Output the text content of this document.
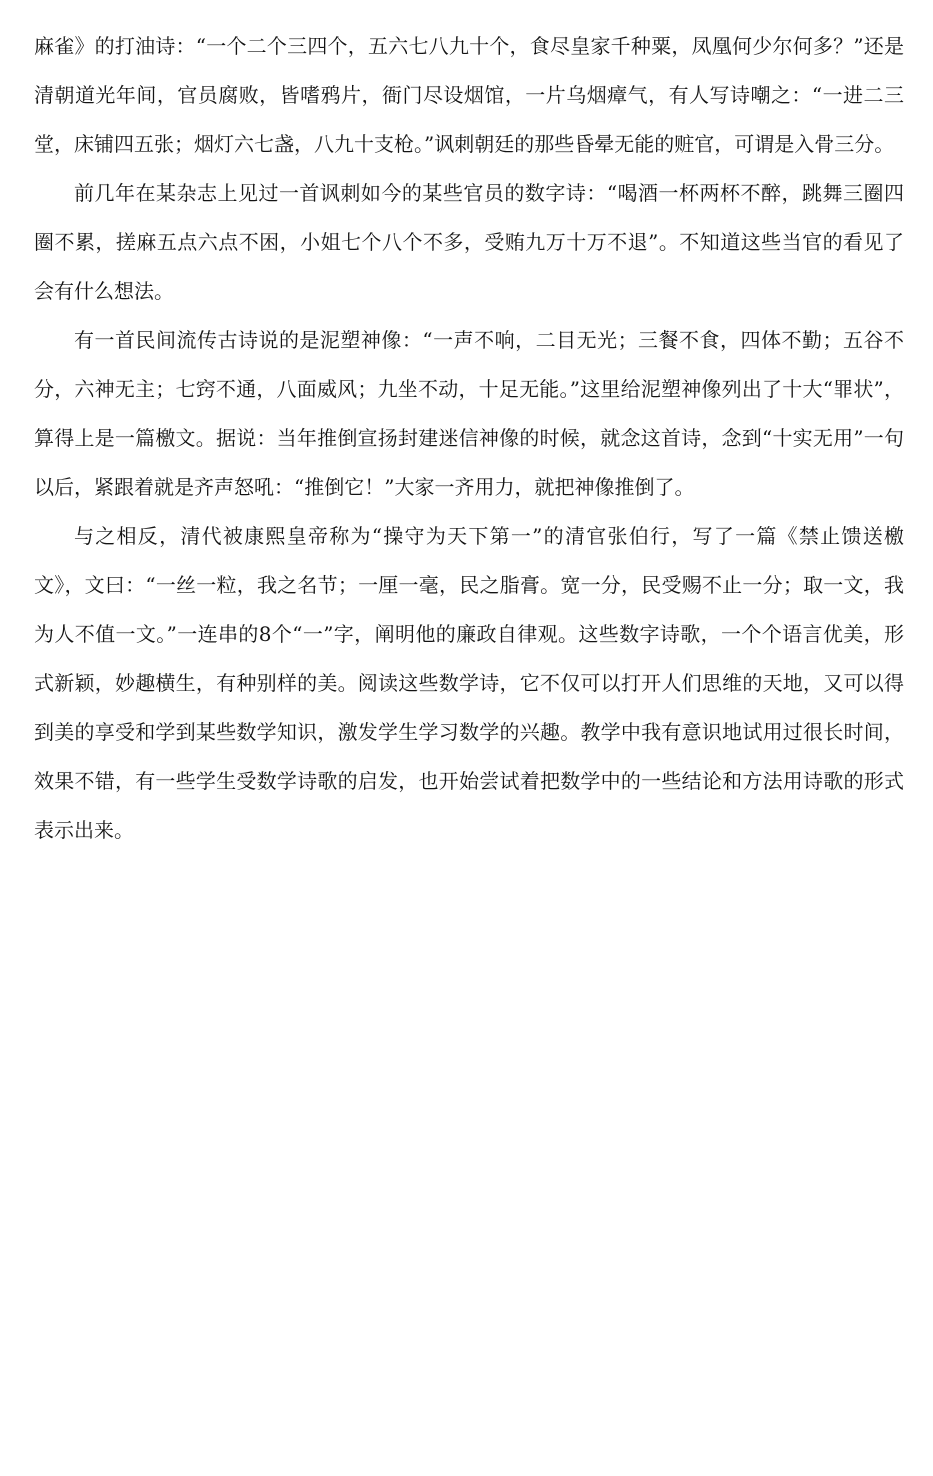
麻雀》的打油诗：“一个二个三四个，五六七八九十个，食尽皇家千种粟，凤凰何少尔何多？”还是清朝道光年间，官员腐败，皆嗜鸦片，衙门尽设烟馆，一片乌烟瘴气，有人写诗嘲之：“一进二三堂，床铺四五张；烟灯六七盏，八九十支枪。”讽刺朝廷的那些昏晕无能的赃官，可谓是入骨三分。

前几年在某杂志上见过一首讽刺如今的某些官员的数字诗：“喝酒一杯两杯不醉，跳舞三圈四圈不累，搓麻五点六点不困，小姐七个八个不多，受贿九万十万不退”。不知道这些当官的看见了会有什么想法。

有一首民间流传古诗说的是泥塑神像：“一声不响，二目无光；三餐不食，四体不勤；五谷不分，六神无主；七窍不通，八面威风；九坐不动，十足无能。”这里给泥塑神像列出了十大“罪状”，算得上是一篇檄文。据说：当年推倒宣扬封建迷信神像的时候，就念这首诗，念到“十实无用”一句以后，紧跟着就是齐声怒吼：“推倒它！”大家一齐用力，就把神像推倒了。

与之相反，清代被康熙皇帝称为“操守为天下第一”的清官张伯行，写了一篇《禁止馈送檄文》，文曰：“一丝一粒，我之名节；一厘一毫，民之脂膏。宽一分，民受赐不止一分；取一文，我为人不值一文。”一连串的8个“一”字，阐明他的廉政自律观。这些数字诗歌，一个个语言优美，形式新颖，妙趣横生，有种别样的美。阅读这些数学诗，它不仅可以打开人们思维的天地，又可以得到美的享受和学到某些数学知识，激发学生学习数学的兴趣。教学中我有意识地试用过很长时间，效果不错，有一些学生受数学诗歌的启发，也开始尝试着把数学中的一些结论和方法用诗歌的形式表示出来。
